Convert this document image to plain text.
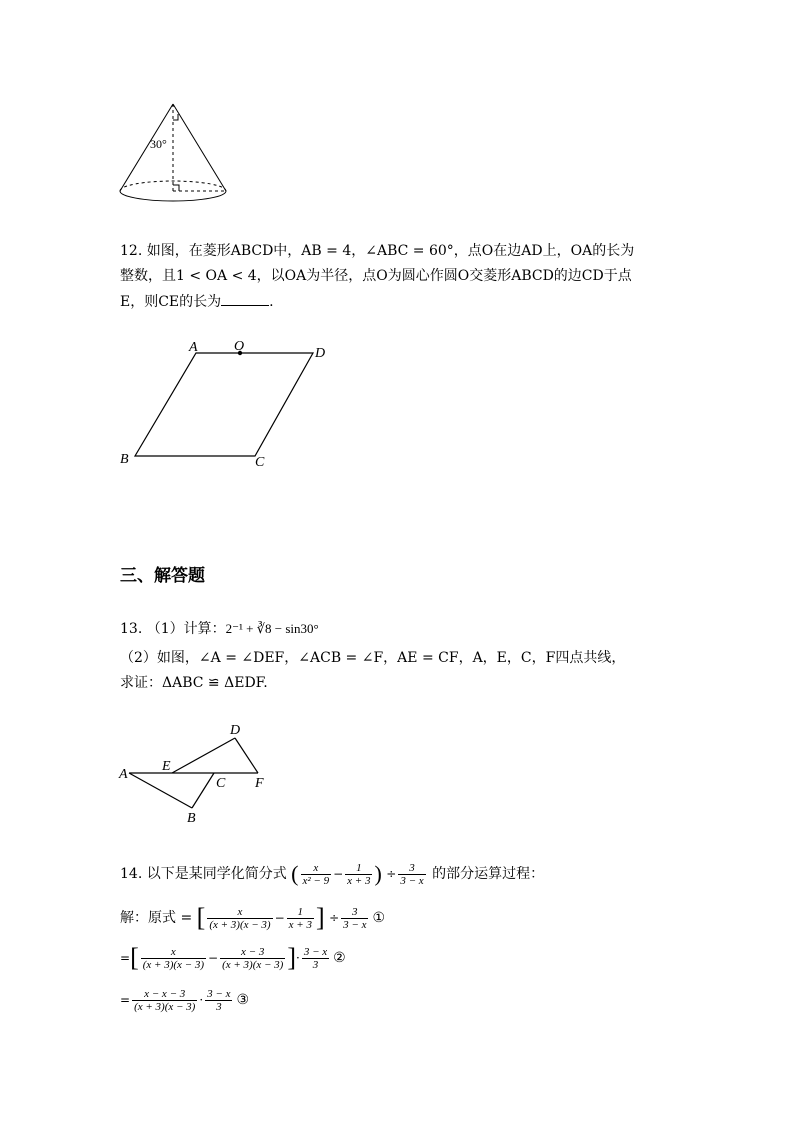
30°
12. 如图，在菱形ABCD中，AB = 4，∠ABC = 60°，点O在边AD上，OA的长为
整数，且1 < OA < 4，以OA为半径，点O为圆心作圆O交菱形ABCD的边CD于点
E，则CE的长为	.
A	O	D
B	C
三、解答题
13. （1）计算：2⁻¹ + ∛8 − sin30°
（2）如图，∠A = ∠DEF，∠ACB = ∠F，AE = CF，A，E，C，F四点共线，
求证：ΔABC ≌ ΔEDF.
A
E
C F
D
B
14. 以下是某同学化简分式 ( $\frac{x}{\text{x² − 9}} - \frac{1}{x + 3}$ ) ÷ $\frac{3}{3 - x}$ 的部分运算过程：
解：原式 = [ $\frac{x}{(x + 3)(x - 3)} - \frac{1}{x + 3}$ ] ÷ $\frac{3}{3 - x}$ ①
=[ $\frac{x}{(x + 3)(x - 3)} - \frac{x - 3}{(x + 3)(x - 3)}$ ]· $\frac{3 - x}{3}$ ②
= $\frac{x - x - 3}{(x + 3)(x - 3)} \cdot \frac{3 - x}{3}$ ③
